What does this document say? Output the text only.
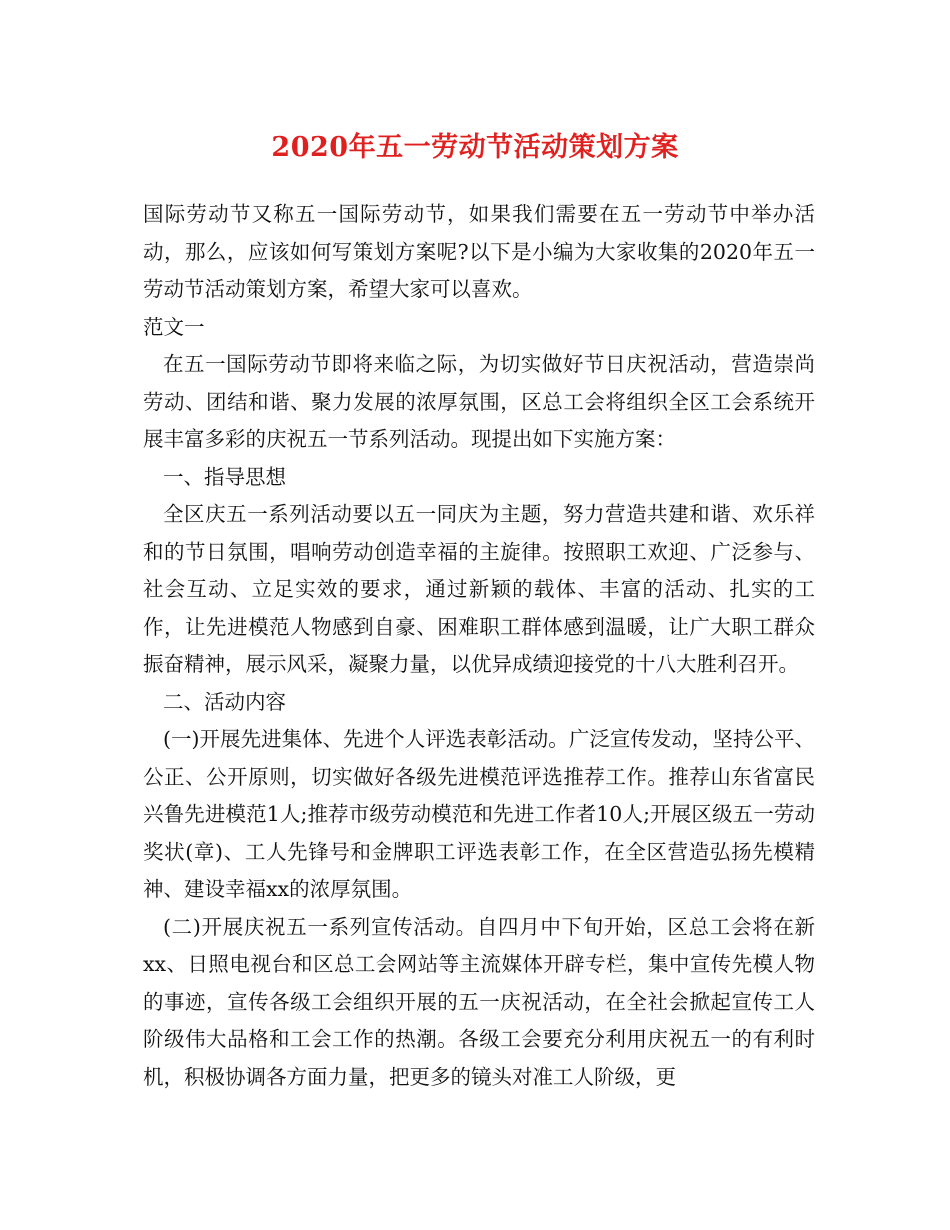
2020年五一劳动节活动策划方案

国际劳动节又称五一国际劳动节，如果我们需要在五一劳动节中举办活动，那么，应该如何写策划方案呢?以下是小编为大家收集的2020年五一劳动节活动策划方案，希望大家可以喜欢。

范文一

在五一国际劳动节即将来临之际，为切实做好节日庆祝活动，营造崇尚劳动、团结和谐、聚力发展的浓厚氛围，区总工会将组织全区工会系统开展丰富多彩的庆祝五一节系列活动。现提出如下实施方案：

一、指导思想

全区庆五一系列活动要以五一同庆为主题，努力营造共建和谐、欢乐祥和的节日氛围，唱响劳动创造幸福的主旋律。按照职工欢迎、广泛参与、社会互动、立足实效的要求，通过新颖的载体、丰富的活动、扎实的工作，让先进模范人物感到自豪、困难职工群体感到温暖，让广大职工群众振奋精神，展示风采，凝聚力量，以优异成绩迎接党的十八大胜利召开。

二、活动内容

(一)开展先进集体、先进个人评选表彰活动。广泛宣传发动，坚持公平、公正、公开原则，切实做好各级先进模范评选推荐工作。推荐山东省富民兴鲁先进模范1人;推荐市级劳动模范和先进工作者10人;开展区级五一劳动奖状(章)、工人先锋号和金牌职工评选表彰工作，在全区营造弘扬先模精神、建设幸福xx的浓厚氛围。

(二)开展庆祝五一系列宣传活动。自四月中下旬开始，区总工会将在新xx、日照电视台和区总工会网站等主流媒体开辟专栏，集中宣传先模人物的事迹，宣传各级工会组织开展的五一庆祝活动，在全社会掀起宣传工人阶级伟大品格和工会工作的热潮。各级工会要充分利用庆祝五一的有利时机，积极协调各方面力量，把更多的镜头对准工人阶级，更
